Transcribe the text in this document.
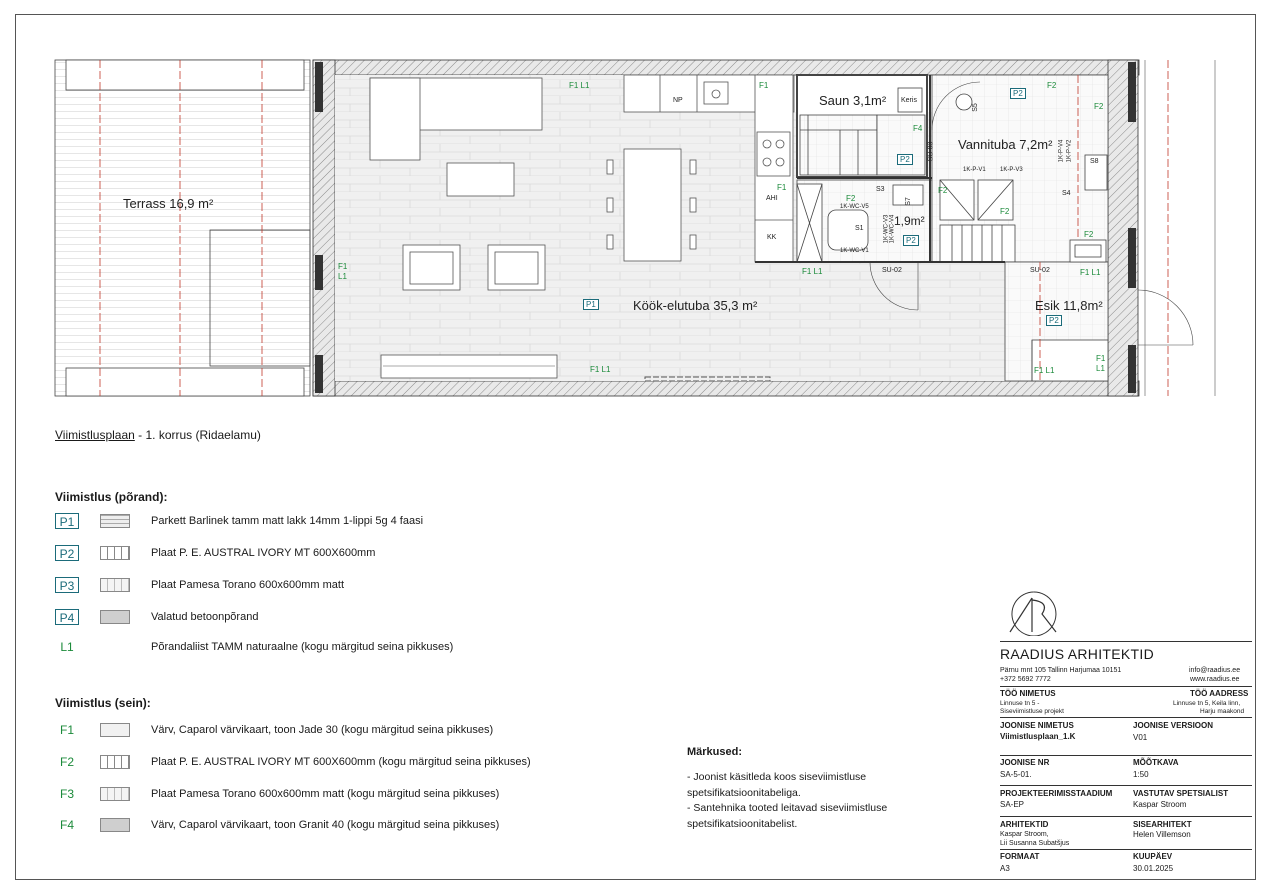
Terrass 16,9 m²
Köök-elutuba 35,3 m²
Saun 3,1m²
Vannituba 7,2m²
1,9m²
Esik 11,8m²
NP
AHI
KK
Keris
S1
S3
S5
S7
S8
S4
SU-02	SU-02
SU-03
1K-WC-V5
1K-WC-V1
1K-WC-V3 1K-WC-V4
1K-P-V1 1K-P-V3
1K-P-V4 1K-P-V2
F1 L1	F1	F2
F2
F4
F1
F2
F2
F2
F2
F1 L1	F1 L1
F1 L1	F1 L1
F1
L1
F1
L1
P1
P2
P2
P2
P2
Viimistlusplaan - 1. korrus (Ridaelamu)
Viimistlus (põrand):
P1	Parkett Barlinek tamm matt lakk 14mm 1-lippi 5g 4 faasi
P2	Plaat P. E. AUSTRAL IVORY MT 600X600mm
P3	Plaat Pamesa Torano 600x600mm matt
P4	Valatud betoonpõrand
L1	Põrandaliist TAMM naturaalne (kogu märgitud seina pikkuses)
Viimistlus (sein):
F1	Värv, Caparol värvikaart, toon Jade 30 (kogu märgitud seina pikkuses)
F2	Plaat P. E. AUSTRAL IVORY MT 600X600mm (kogu märgitud seina pikkuses)
F3	Plaat Pamesa Torano 600x600mm matt (kogu märgitud seina pikkuses)
F4	Värv, Caparol värvikaart, toon Granit 40 (kogu märgitud seina pikkuses)
Märkused:
- Joonist käsitleda koos siseviimistluse
spetsifikatsioonitabeliga.
- Santehnika tooted leitavad siseviimistluse
spetsifikatsioonitabelist.
RAADIUS ARHITEKTID
Pärnu mnt 105 Tallinn Harjumaa 10151
+372 5692 7772
info@raadius.ee
www.raadius.ee
TÖÖ NIMETUS
Linnuse tn 5 -
Siseviimistluse projekt
TÖÖ AADRESS
Linnuse tn 5, Keila linn,
Harju maakond
JOONISE NIMETUS
Viimistlusplaan_1.K
JOONISE VERSIOON
V01
JOONISE NR
SA-5-01.
MÕÕTKAVA
1:50
PROJEKTEERIMISSTAADIUM
SA-EP
VASTUTAV SPETSIALIST
Kaspar Stroom
ARHITEKTID
Kaspar Stroom,
Lii Susanna Subatšjus
SISEARHITEKT
Helen Villemson
FORMAAT
A3
KUUPÄEV
30.01.2025
